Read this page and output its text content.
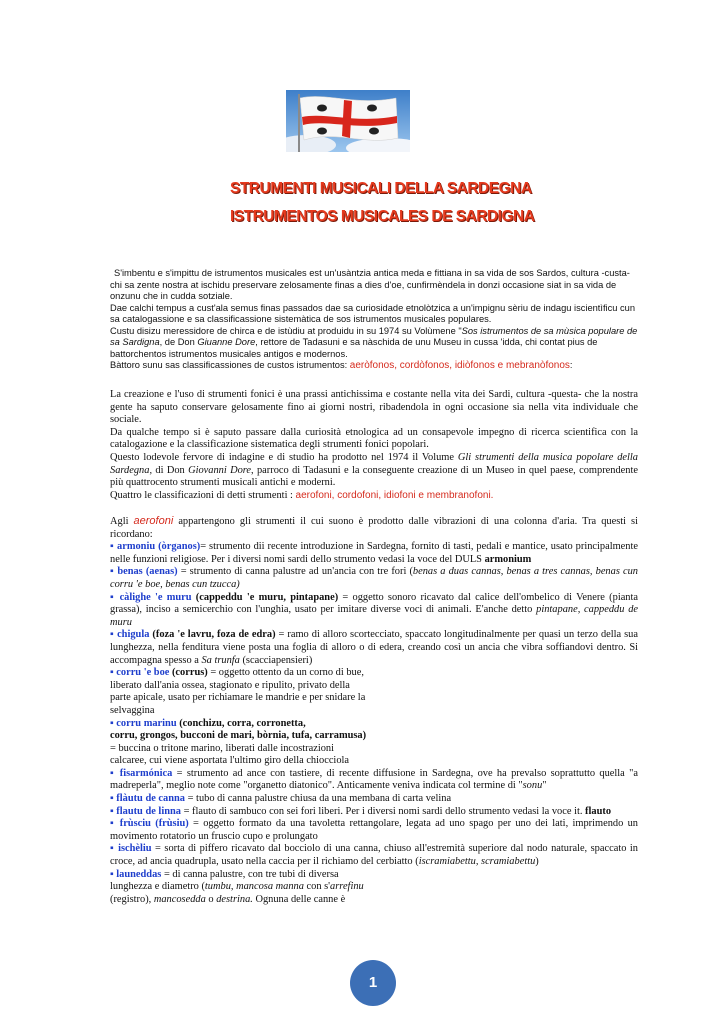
STRUMENTI MUSICALI DELLA SARDEGNA
ISTRUMENTOS MUSICALES DE SARDIGNA

S'imbentu e s'impittu de istrumentos musicales est un'usàntzia antica meda e fittiana in sa vida de sos Sardos, cultura -custa- chi sa zente nostra at ischidu preservare zelosamente finas a dies d'oe, cunfirmèndela in donzi occasione siat in sa vida de onzunu che in cudda sotziale.

Dae calchi tempus a cust'ala semus finas passados dae sa curiosidade etnolòtzica a un'impignu sèriu de indagu iscientìficu cun sa catalogassione e sa classificassione sistemàtica de sos istrumentos musicales populares.

Custu disizu meressidore de chirca e de istùdiu at produidu in su 1974 su Volùmene "Sos istrumentos de sa mùsica populare de sa Sardigna, de Don Giuanne Dore, rettore de Tadasuni e sa nàschida de unu Museu in cussa 'idda, chi contat pius de battorchentos istrumentos musicales antigos e modernos.

Bàttoro sunu sas classificassiones de custos istrumentos: aeròfonos, cordòfonos, idiòfonos e mebranòfonos:

La creazione e l'uso di strumenti fonici è una prassi antichissima e costante nella vita dei Sardi, cultura -questa- che la nostra gente ha saputo conservare gelosamente fino ai giorni nostri, ribadendola in ogni occasione sia nella vita individuale che sociale.

Da qualche tempo si è saputo passare dalla curiosità etnologica ad un consapevole impegno di ricerca scientifica con la catalogazione e la classificazione sistematica degli strumenti fonici popolari.

Questo lodevole fervore di indagine e di studio ha prodotto nel 1974 il Volume Gli strumenti della musica popolare della Sardegna, di Don Giovanni Dore, parroco di Tadasuni e la conseguente creazione di un Museo in quel paese, comprendente più quattrocento strumenti musicali antichi e moderni.

Quattro le classificazioni di detti strumenti : aerofoni, cordofoni, idiofoni e membranofoni.

Agli aerofoni appartengono gli strumenti il cui suono è prodotto dalle vibrazioni di una colonna d'aria. Tra questi si ricordano:

▪ armoniu (òrganos)= strumento dii recente introduzione in Sardegna, fornito di tasti, pedali e mantice, usato principalmente nelle funzioni religiose. Per i diversi nomi sardi dello strumento vedasi la voce del DULS armonium

▪ benas (aenas) = strumento di canna palustre ad un'ancia con tre fori (benas a duas cannas, benas a tres cannas, benas cun corru 'e boe, benas cun tzucca)

▪ càlighe 'e muru (cappeddu 'e muru, pintapane) = oggetto sonoro ricavato dal calice dell'ombelico di Venere (pianta grassa), inciso a semicerchio con l'unghia, usato per imitare diverse voci di animali. E'anche detto pintapane, cappeddu de muru

▪ chigula (foza 'e lavru, foza de edra) = ramo di alloro scortecciato, spaccato longitudinalmente per quasi un terzo della sua lunghezza, nella fenditura viene posta una foglia di alloro o di edera, creando così un ancia che vibra soffiandovi dentro. Si accompagna spesso a Sa trunfa (scacciapensieri)

▪ corru 'e boe (corrus) = oggetto ottento da un corno di bue,
liberato dall'ania ossea, stagionato e ripulito, privato della
parte apicale, usato per richiamare le mandrie e per snidare la
selvaggina

▪ corru marinu (conchizu, corra, corronetta,
corru, grongos, bucconi de mari, bòrnia, tufa, carramusa)
= buccina o tritone marino, liberati dalle incostrazioni
calcaree, cui viene asportata l'ultimo giro della chiocciola

▪ fisarmónica = strumento ad ance con tastiere, di recente diffusione in Sardegna, ove ha prevalso soprattutto quella "a madreperla", meglio note come "organetto diatonico". Anticamente veniva indicata col termine di "sonu"

▪ flàutu de canna = tubo di canna palustre chiusa da una membana di carta velina

▪ flautu de linna = flauto di sambuco con sei fori liberi. Per i diversi nomi sardi dello strumento vedasi la voce it. flauto

▪ frùsciu (frùsiu) = oggetto formato da una tavoletta rettangolare, legata ad uno spago per uno dei lati, imprimendo un movimento rotatorio un fruscio cupo e prolungato

▪ ischèliu = sorta di piffero ricavato dal bocciolo di una canna, chiuso all'estremità superiore dal nodo naturale, spaccato in croce, ad ancia quadrupla, usato nella caccia per il richiamo del cerbiatto (iscramiabettu, scramiabettu)

▪ launeddas = di canna palustre, con tre tubi di diversa
lunghezza e diametro (tumbu, mancosa manna con s'arrefinu
(registro), mancosedda o destrina. Ognuna delle canne è

1
